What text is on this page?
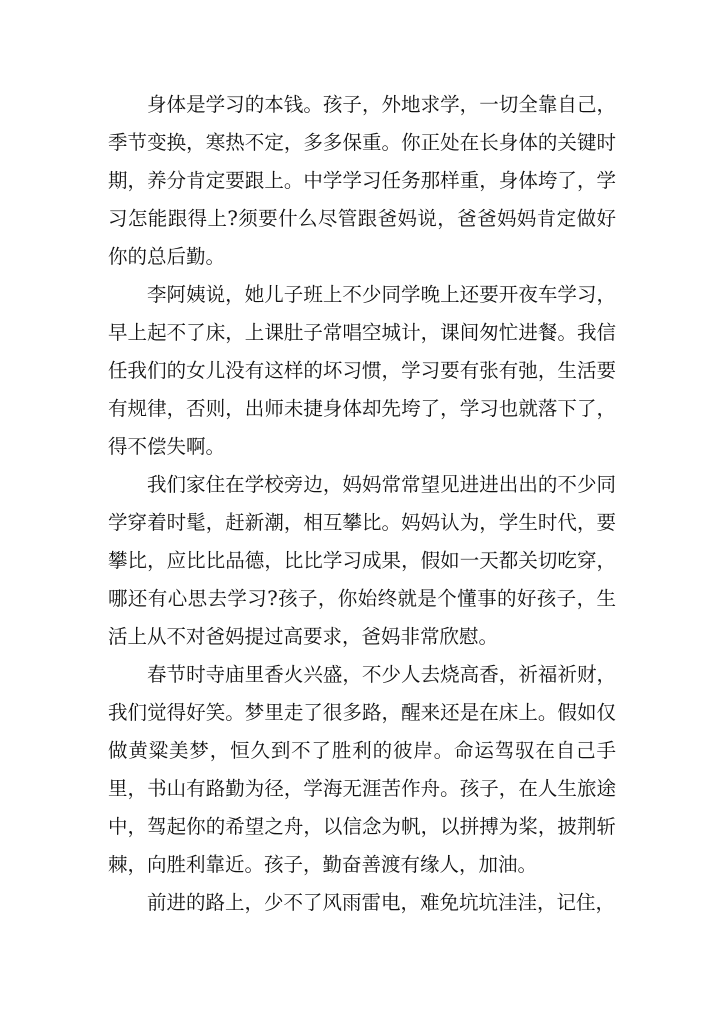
身体是学习的本钱。孩子，外地求学，一切全靠自己，季节变换，寒热不定，多多保重。你正处在长身体的关键时期，养分肯定要跟上。中学学习任务那样重，身体垮了，学习怎能跟得上?须要什么尽管跟爸妈说，爸爸妈妈肯定做好你的总后勤。

李阿姨说，她儿子班上不少同学晚上还要开夜车学习，早上起不了床，上课肚子常唱空城计，课间匆忙进餐。我信任我们的女儿没有这样的坏习惯，学习要有张有弛，生活要有规律，否则，出师未捷身体却先垮了，学习也就落下了，得不偿失啊。

我们家住在学校旁边，妈妈常常望见进进出出的不少同学穿着时髦，赶新潮，相互攀比。妈妈认为，学生时代，要攀比，应比比品德，比比学习成果，假如一天都关切吃穿，哪还有心思去学习?孩子，你始终就是个懂事的好孩子，生活上从不对爸妈提过高要求，爸妈非常欣慰。

春节时寺庙里香火兴盛，不少人去烧高香，祈福祈财，我们觉得好笑。梦里走了很多路，醒来还是在床上。假如仅做黄粱美梦，恒久到不了胜利的彼岸。命运驾驭在自己手里，书山有路勤为径，学海无涯苦作舟。孩子，在人生旅途中，驾起你的希望之舟，以信念为帆，以拼搏为桨，披荆斩棘，向胜利靠近。孩子，勤奋善渡有缘人，加油。

前进的路上，少不了风雨雷电，难免坑坑洼洼，记住，
